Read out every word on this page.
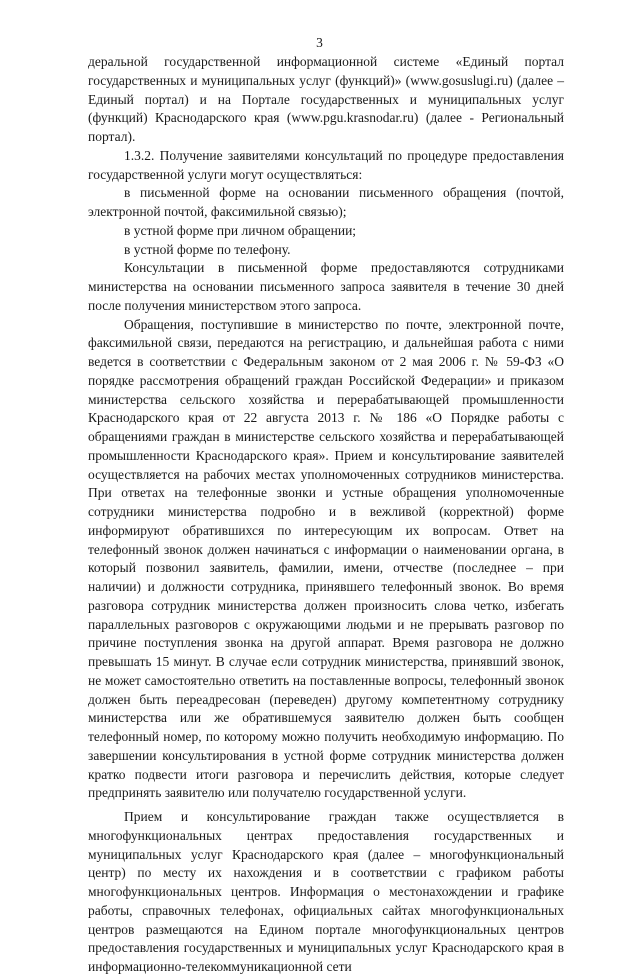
3

деральной государственной информационной системе «Единый портал государственных и муниципальных услуг (функций)» (www.gosuslugi.ru) (далее – Единый портал) и на Портале государственных и муниципальных услуг (функций) Краснодарского края (www.pgu.krasnodar.ru) (далее - Региональный портал).

1.3.2. Получение заявителями консультаций по процедуре предоставления государственной услуги могут осуществляться:

в письменной форме на основании письменного обращения (почтой, электронной почтой, факсимильной связью);

в устной форме при личном обращении;

в устной форме по телефону.

Консультации в письменной форме предоставляются сотрудниками министерства на основании письменного запроса заявителя в течение 30 дней после получения министерством этого запроса.

Обращения, поступившие в министерство по почте, электронной почте, факсимильной связи, передаются на регистрацию, и дальнейшая работа с ними ведется в соответствии с Федеральным законом от 2 мая 2006 г. № 59-ФЗ «О порядке рассмотрения обращений граждан Российской Федерации» и приказом министерства сельского хозяйства и перерабатывающей промышленности Краснодарского края от 22 августа 2013 г. № 186 «О Порядке работы с обращениями граждан в министерстве сельского хозяйства и перерабатывающей промышленности Краснодарского края». Прием и консультирование заявителей осуществляется на рабочих местах уполномоченных сотрудников министерства. При ответах на телефонные звонки и устные обращения уполномоченные сотрудники министерства подробно и в вежливой (корректной) форме информируют обратившихся по интересующим их вопросам. Ответ на телефонный звонок должен начинаться с информации о наименовании органа, в который позвонил заявитель, фамилии, имени, отчестве (последнее – при наличии) и должности сотрудника, принявшего телефонный звонок. Во время разговора сотрудник министерства должен произносить слова четко, избегать параллельных разговоров с окружающими людьми и не прерывать разговор по причине поступления звонка на другой аппарат. Время разговора не должно превышать 15 минут. В случае если сотрудник министерства, принявший звонок, не может самостоятельно ответить на поставленные вопросы, телефонный звонок должен быть переадресован (переведен) другому компетентному сотруднику министерства или же обратившемуся заявителю должен быть сообщен телефонный номер, по которому можно получить необходимую информацию. По завершении консультирования в устной форме сотрудник министерства должен кратко подвести итоги разговора и перечислить действия, которые следует предпринять заявителю или получателю государственной услуги.

Прием и консультирование граждан также осуществляется в многофункциональных центрах предоставления государственных и муниципальных услуг Краснодарского края (далее – многофункциональный центр) по месту их нахождения и в соответствии с графиком работы многофункциональных центров. Информация о местонахождении и графике работы, справочных телефонах, официальных сайтах многофункциональных центров размещаются на Едином портале многофункциональных центров предоставления государственных и муниципальных услуг Краснодарского края в информационно-телекоммуникационной сети
